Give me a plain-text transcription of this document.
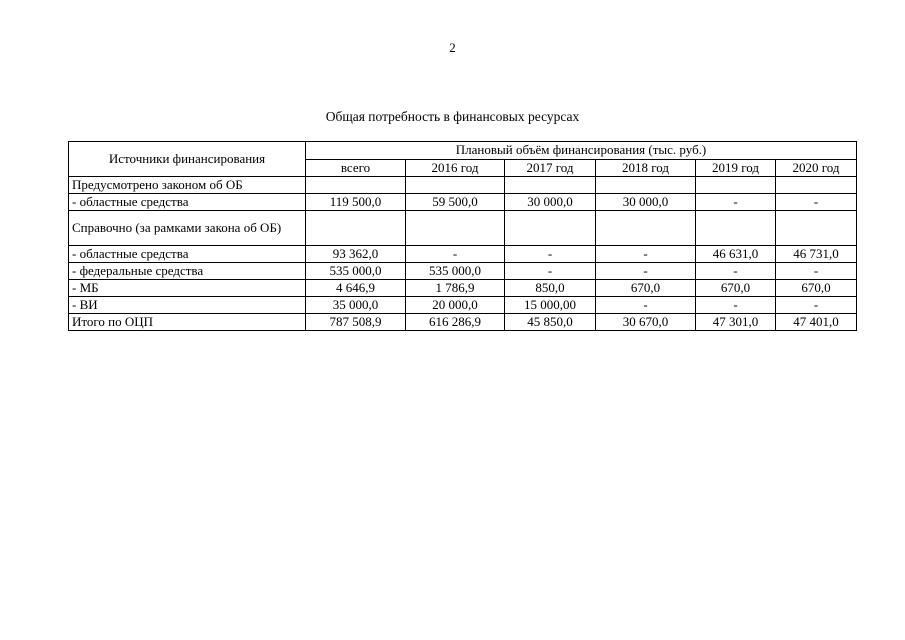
2
Общая потребность в финансовых ресурсах
Источники финансирования	Плановый объём финансирования (тыс. руб.)					
	всего	2016 год	2017 год	2018 год	2019 год	2020 год
Предусмотрено законом об ОБ						
- областные средства	119 500,0	59 500,0	30 000,0	30 000,0	-	-
Справочно (за рамками закона об ОБ)						
- областные средства	93 362,0	-	-	-	46 631,0	46 731,0
- федеральные средства	535 000,0	535 000,0	-	-	-	-
- МБ	4 646,9	1 786,9	850,0	670,0	670,0	670,0
- ВИ	35 000,0	20 000,0	15 000,00	-	-	-
Итого по ОЦП	787 508,9	616 286,9	45 850,0	30 670,0	47 301,0	47 401,0
